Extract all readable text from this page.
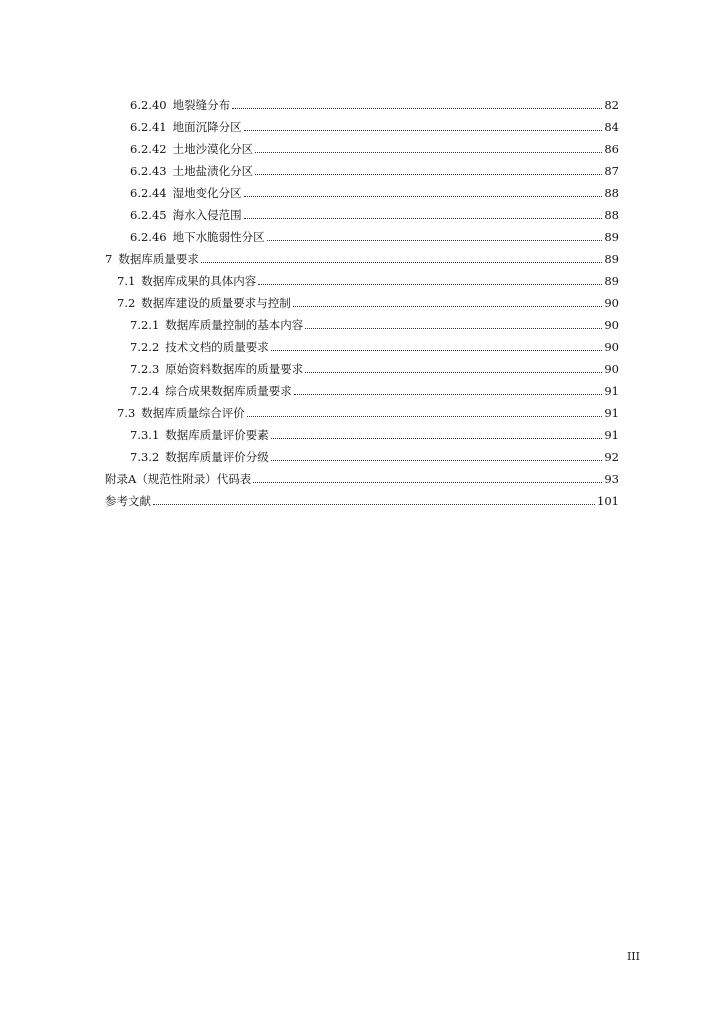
6.2.40 地裂缝分布	82
6.2.41 地面沉降分区	84
6.2.42 土地沙漠化分区	86
6.2.43 土地盐渍化分区	87
6.2.44 湿地变化分区	88
6.2.45 海水入侵范围	88
6.2.46 地下水脆弱性分区	89
7 数据库质量要求	89
7.1 数据库成果的具体内容	89
7.2 数据库建设的质量要求与控制	90
7.2.1 数据库质量控制的基本内容	90
7.2.2 技术文档的质量要求	90
7.2.3 原始资料数据库的质量要求	90
7.2.4 综合成果数据库质量要求	91
7.3 数据库质量综合评价	91
7.3.1 数据库质量评价要素	91
7.3.2 数据库质量评价分级	92
附录A（规范性附录）代码表	93
参考文献	101
III
